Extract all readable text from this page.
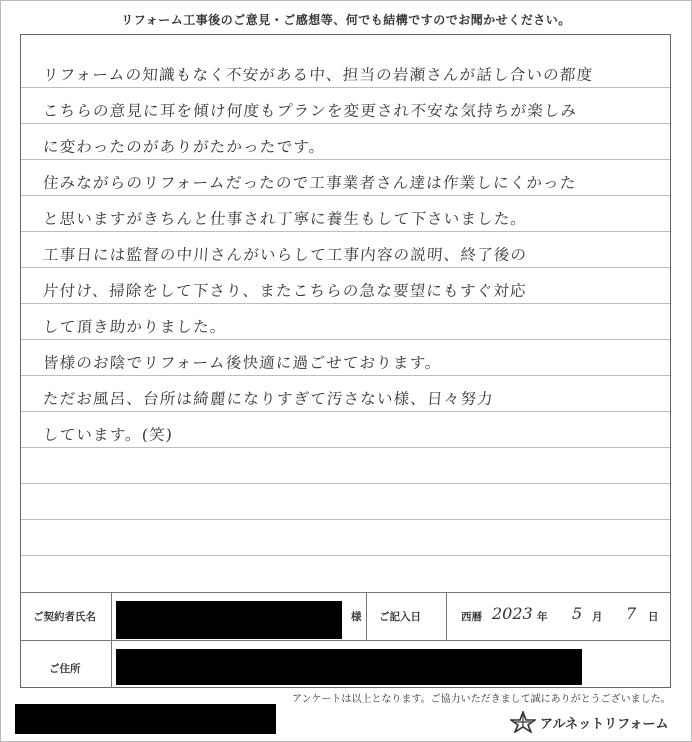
リフォーム工事後のご意見・ご感想等、何でも結構ですのでお聞かせください。
リフォームの知識もなく不安がある中、担当の岩瀬さんが話し合いの都度
こちらの意見に耳を傾け何度もプランを変更され不安な気持ちが楽しみ
に変わったのがありがたかったです。
住みながらのリフォームだったので工事業者さん達は作業しにくかった
と思いますがきちんと仕事され丁寧に養生もして下さいました。
工事日には監督の中川さんがいらして工事内容の説明、終了後の
片付け、掃除をして下さり、またこちらの急な要望にもすぐ対応
して頂き助かりました。
皆様のお陰でリフォーム後快適に過ごせております。
ただお風呂、台所は綺麗になりすぎて汚さない様、日々努力
しています。(笑)
ご契約者氏名	様 ご記入日	西暦 2023 年 5 月 7 日
ご住所
アンケートは以上となります。ご協力いただきまして誠にありがとうございました。
アルネットリフォーム
